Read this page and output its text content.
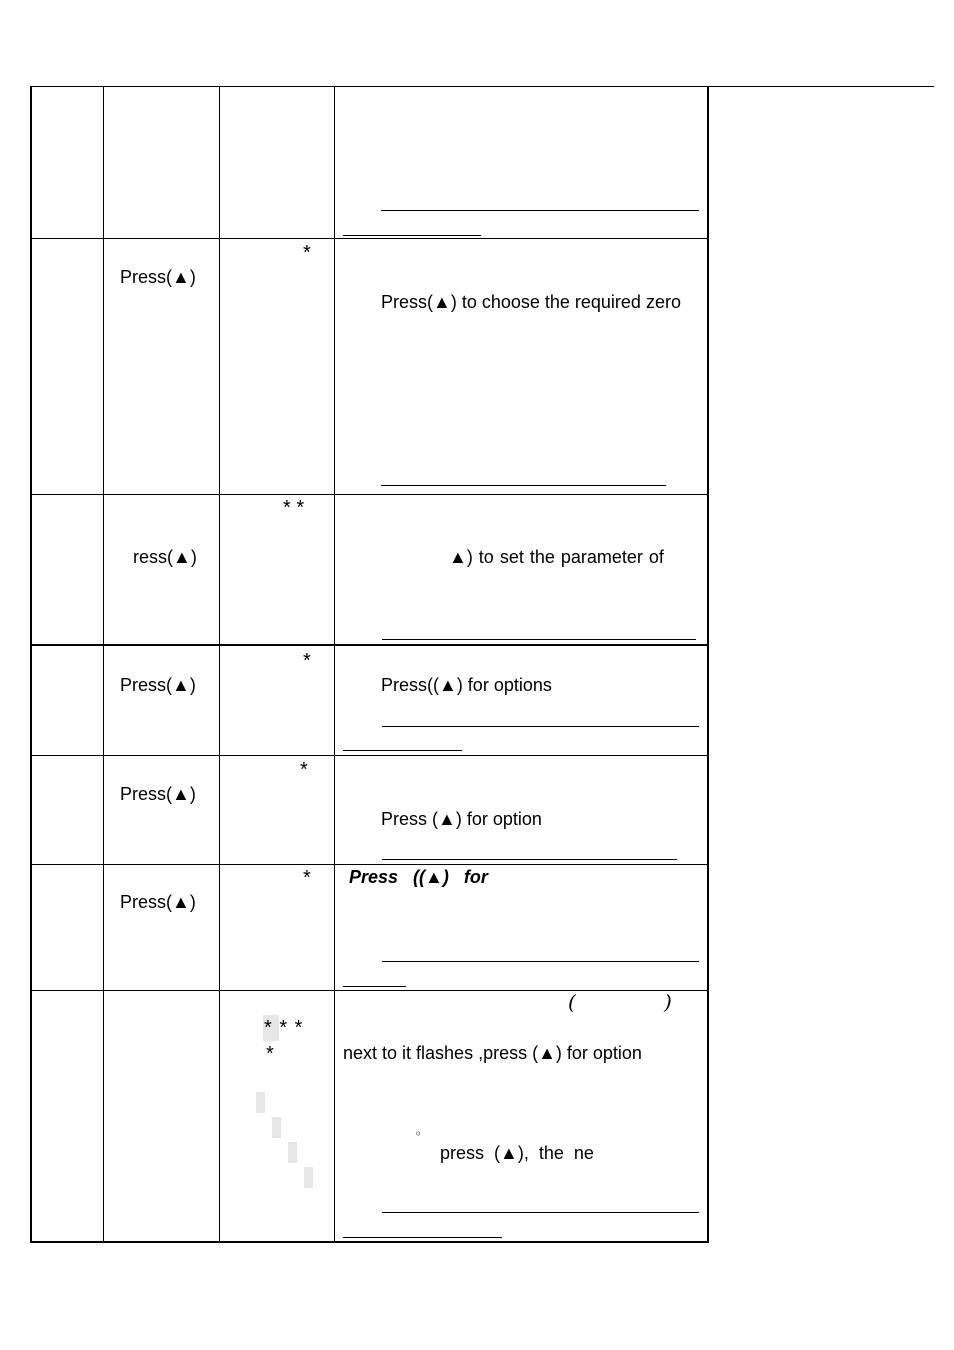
Press(▲)
*
Press(▲) to choose the required zero
ress(▲)
* *
▲) to set the parameter of
Press(▲)
*
Press((▲) for options
Press(▲)
*
Press (▲) for option
Press(▲)
* Press   ((▲)   for
* * *
*
(	)
next to it flashes ,press (▲) for option
。
press  (▲),  the  ne
